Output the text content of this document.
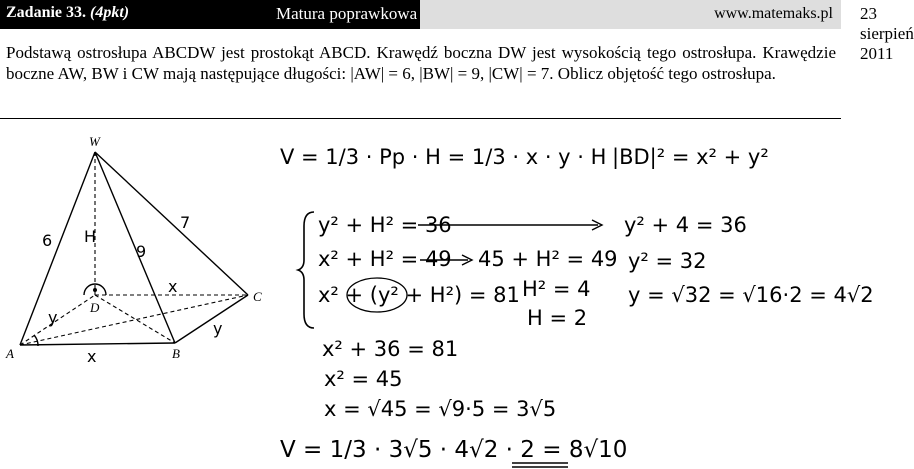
Zadanie 33. (4pkt)	Matura poprawkowa	23 sierpień 2011
www.matemaks.pl
Podstawą ostrosłupa ABCDW jest prostokąt ABCD. Krawędź boczna DW jest wysokością tego ostrosłupa. Krawędzie boczne AW, BW i CW mają następujące długości: |AW| = 6, |BW| = 9, |CW| = 7. Oblicz objętość tego ostrosłupa.
W
A	B
C
D
6
9
7
H
x
x
y
y
V = 1/3 · Pp · H = 1/3 · x · y · H |BD|² = x² + y²
y² + H² = 36
x² + H² = 49
x² + (y² + H²) = 81
45 + H² = 49
H² = 4
H = 2
y² + 4 = 36
y² = 32
y = √32 = √16·2 = 4√2
x² + 36 = 81
x² = 45
x = √45 = √9·5 = 3√5
V = 1/3 · 3√5 · 4√2 · 2 = 8√10
